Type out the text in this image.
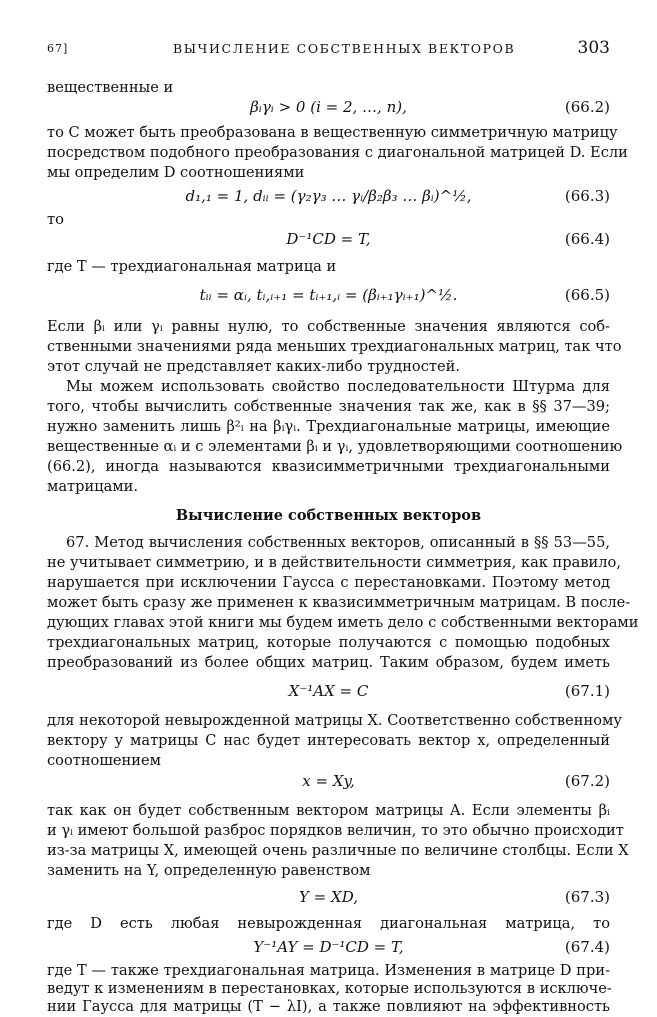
67]	ВЫЧИСЛЕНИЕ СОБСТВЕННЫХ ВЕКТОРОВ	303
вещественные и
βᵢγᵢ > 0 (i = 2, …, n),	(66.2)
то C может быть преобразована в вещественную симметричную матрицу
посредством подобного преобразования с диагональной матрицей D. Если
мы определим D соотношениями
d₁,₁ = 1, dᵢᵢ = (γ₂γ₃ … γᵢ/β₂β₃ … βᵢ)^½,	(66.3)
то
D⁻¹CD = T,	(66.4)
где T — трехдиагональная матрица и
tᵢᵢ = αᵢ, tᵢ,ᵢ₊₁ = tᵢ₊₁,ᵢ = (βᵢ₊₁γᵢ₊₁)^½.	(66.5)
Если βᵢ или γᵢ равны нулю, то собственные значения являются соб-
ственными значениями ряда меньших трехдиагональных матриц, так что
этот случай не представляет каких-либо трудностей.
Мы можем использовать свойство последовательности Штурма для
того, чтобы вычислить собственные значения так же, как в §§ 37—39;
нужно заменить лишь β²ᵢ на βᵢγᵢ. Трехдиагональные матрицы, имеющие
вещественные αᵢ и с элементами βᵢ и γᵢ, удовлетворяющими соотношению
(66.2), иногда называются квазисимметричными трехдиагональными
матрицами.
Вычисление собственных векторов
67. Метод вычисления собственных векторов, описанный в §§ 53—55,
не учитывает симметрию, и в действительности симметрия, как правило,
нарушается при исключении Гаусса с перестановками. Поэтому метод
может быть сразу же применен к квазисимметричным матрицам. В после-
дующих главах этой книги мы будем иметь дело с собственными векторами
трехдиагональных матриц, которые получаются с помощью подобных
преобразований из более общих матриц. Таким образом, будем иметь
X⁻¹AX = C	(67.1)
для некоторой невырожденной матрицы X. Соответственно собственному
вектору y матрицы C нас будет интересовать вектор x, определенный
соотношением
x = Xy,	(67.2)
так как он будет собственным вектором матрицы A. Если элементы βᵢ
и γᵢ имеют большой разброс порядков величин, то это обычно происходит
из-за матрицы X, имеющей очень различные по величине столбцы. Если X
заменить на Y, определенную равенством
Y = XD,	(67.3)
где D есть любая невырожденная диагональная матрица, то
Y⁻¹AY = D⁻¹CD = T,	(67.4)
где T — также трехдиагональная матрица. Изменения в матрице D при-
ведут к изменениям в перестановках, которые используются в исключе-
нии Гаусса для матрицы (T − λI), а также повлияют на эффективность
